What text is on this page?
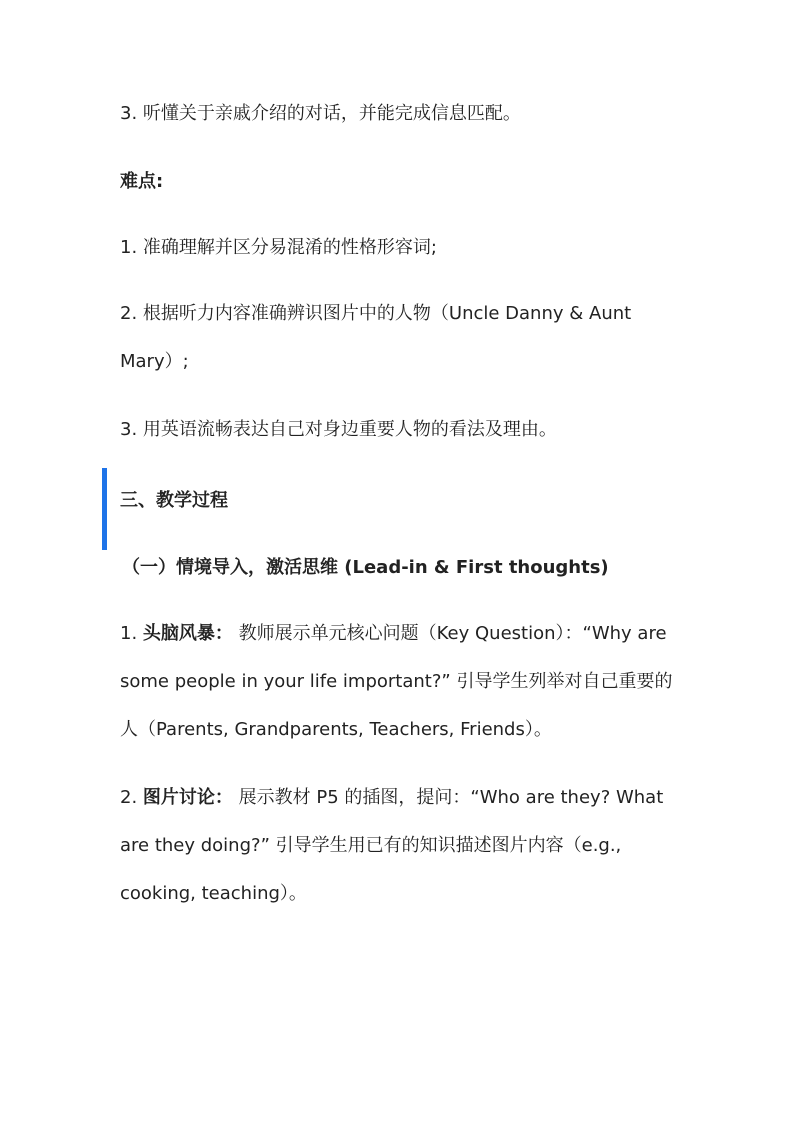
3. 听懂关于亲戚介绍的对话，并能完成信息匹配。
难点:
1. 准确理解并区分易混淆的性格形容词;
2. 根据听力内容准确辨识图片中的人物（Uncle Danny & Aunt
Mary）;
3. 用英语流畅表达自己对身边重要人物的看法及理由。
三、教学过程
（一）情境导入，激活思维 (Lead-in & First thoughts)
1. 头脑风暴： 教师展示单元核心问题（Key Question）：“Why are some people in your life important?” 引导学生列举对自己重要的人（Parents, Grandparents, Teachers, Friends）。
2. 图片讨论： 展示教材 P5 的插图，提问：“Who are they? What are they doing?” 引导学生用已有的知识描述图片内容（e.g., cooking, teaching）。
